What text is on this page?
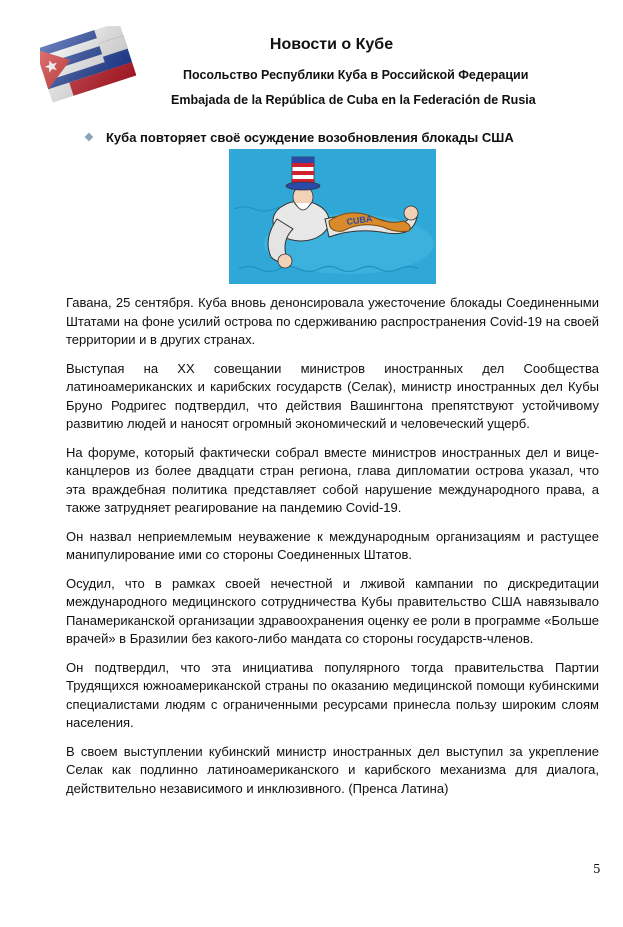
Новости о Кубе
Посольство Республики Куба в Российской Федерации
Embajada de la República de Cuba en la Federación de Rusia
❖ Куба повторяет своё осуждение возобновления блокады США
CUBA

Гавана, 25 сентября. Куба вновь денонсировала ужесточение блокады Соединенными Штатами на фоне усилий острова по сдерживанию распространения Covid-19 на своей территории и в других странах.

Выступая на XX совещании министров иностранных дел Сообщества латиноамериканских и карибских государств (Селак), министр иностранных дел Кубы Бруно Родригес подтвердил, что действия Вашингтона препятствуют устойчивому развитию людей и наносят огромный экономический и человеческий ущерб.

На форуме, который фактически собрал вместе министров иностранных дел и вице-канцлеров из более двадцати стран региона, глава дипломатии острова указал, что эта враждебная политика представляет собой нарушение международного права, а также затрудняет реагирование на пандемию Covid-19.

Он назвал неприемлемым неуважение к международным организациям и растущее манипулирование ими со стороны Соединенных Штатов.

Осудил, что в рамках своей нечестной и лживой кампании по дискредитации международного медицинского сотрудничества Кубы правительство США навязывало Панамериканской организации здравоохранения оценку ее роли в программе «Больше врачей» в Бразилии без какого-либо мандата со стороны государств-членов.

Он подтвердил, что эта инициатива популярного тогда правительства Партии Трудящихся южноамериканской страны по оказанию медицинской помощи кубинскими специалистами людям с ограниченными ресурсами принесла пользу широким слоям населения.

В своем выступлении кубинский министр иностранных дел выступил за укрепление Селак как подлинно латиноамериканского и карибского механизма для диалога, действительно независимого и инклюзивного. (Пренса Латина)

5
